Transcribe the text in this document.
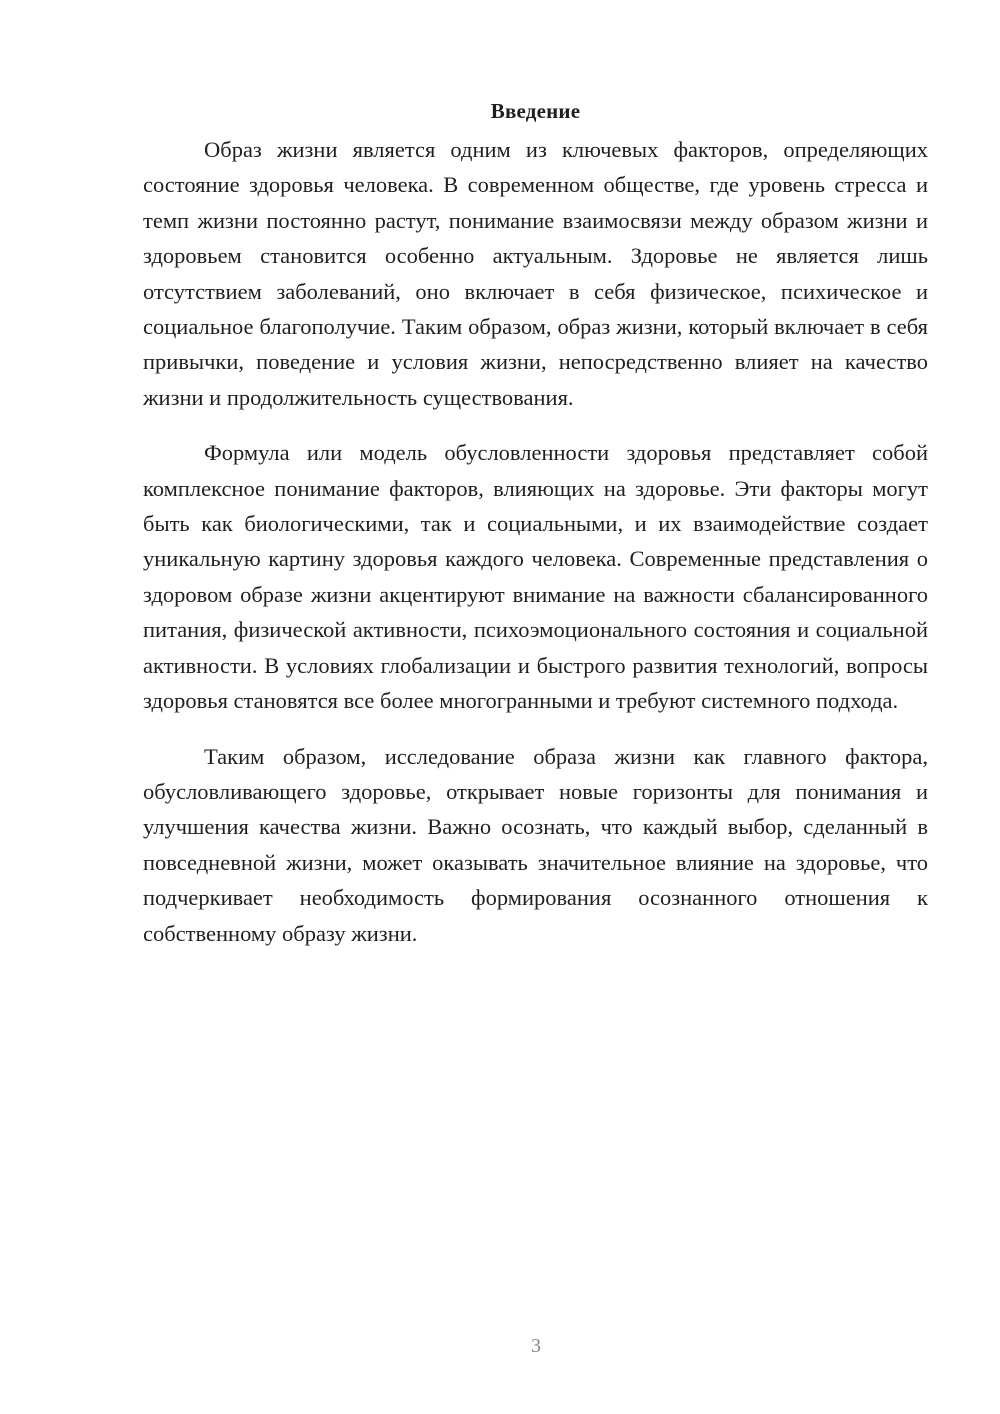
Введение

Образ жизни является одним из ключевых факторов, определяющих состояние здоровья человека. В современном обществе, где уровень стресса и темп жизни постоянно растут, понимание взаимосвязи между образом жизни и здоровьем становится особенно актуальным. Здоровье не является лишь отсутствием заболеваний, оно включает в себя физическое, психическое и социальное благополучие. Таким образом, образ жизни, который включает в себя привычки, поведение и условия жизни, непосредственно влияет на качество жизни и продолжительность существования.

Формула или модель обусловленности здоровья представляет собой комплексное понимание факторов, влияющих на здоровье. Эти факторы могут быть как биологическими, так и социальными, и их взаимодействие создает уникальную картину здоровья каждого человека. Современные представления о здоровом образе жизни акцентируют внимание на важности сбалансированного питания, физической активности, психоэмоционального состояния и социальной активности. В условиях глобализации и быстрого развития технологий, вопросы здоровья становятся все более многогранными и требуют системного подхода.

Таким образом, исследование образа жизни как главного фактора, обусловливающего здоровье, открывает новые горизонты для понимания и улучшения качества жизни. Важно осознать, что каждый выбор, сделанный в повседневной жизни, может оказывать значительное влияние на здоровье, что подчеркивает необходимость формирования осознанного отношения к собственному образу жизни.

3
